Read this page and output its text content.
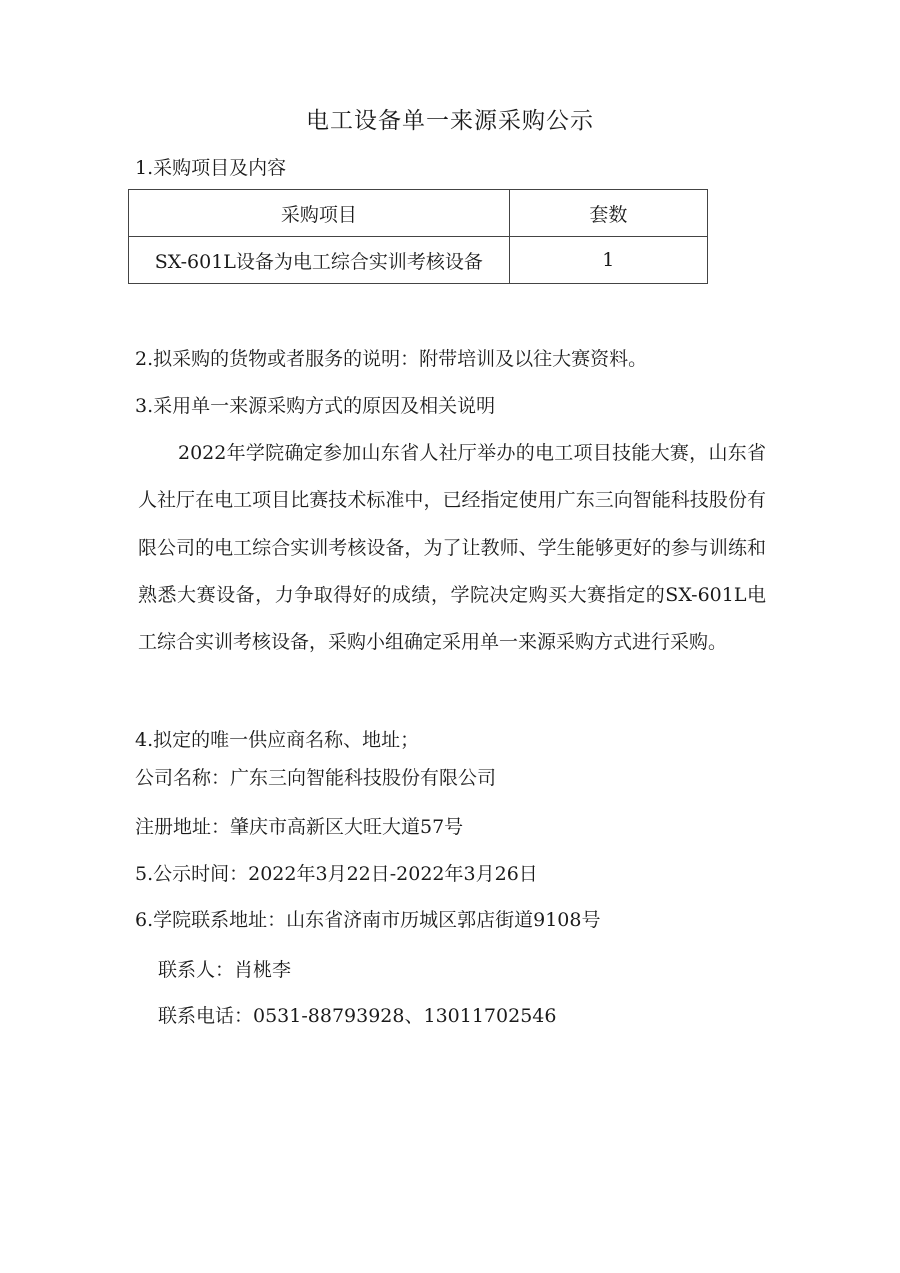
电工设备单一来源采购公示
1.采购项目及内容
采购项目	套数
SX-601L设备为电工综合实训考核设备	1
2.拟采购的货物或者服务的说明：附带培训及以往大赛资料。
3.采用单一来源采购方式的原因及相关说明

2022年学院确定参加山东省人社厅举办的电工项目技能大赛，山东省人社厅在电工项目比赛技术标准中，已经指定使用广东三向智能科技股份有限公司的电工综合实训考核设备，为了让教师、学生能够更好的参与训练和熟悉大赛设备，力争取得好的成绩，学院决定购买大赛指定的SX-601L电工综合实训考核设备，采购小组确定采用单一来源采购方式进行采购。

4.拟定的唯一供应商名称、地址；
公司名称：广东三向智能科技股份有限公司
注册地址：肇庆市高新区大旺大道57号
5.公示时间：2022年3月22日-2022年3月26日
6.学院联系地址：山东省济南市历城区郭店街道9108号
联系人：肖桃李
联系电话：0531-88793928、13011702546
